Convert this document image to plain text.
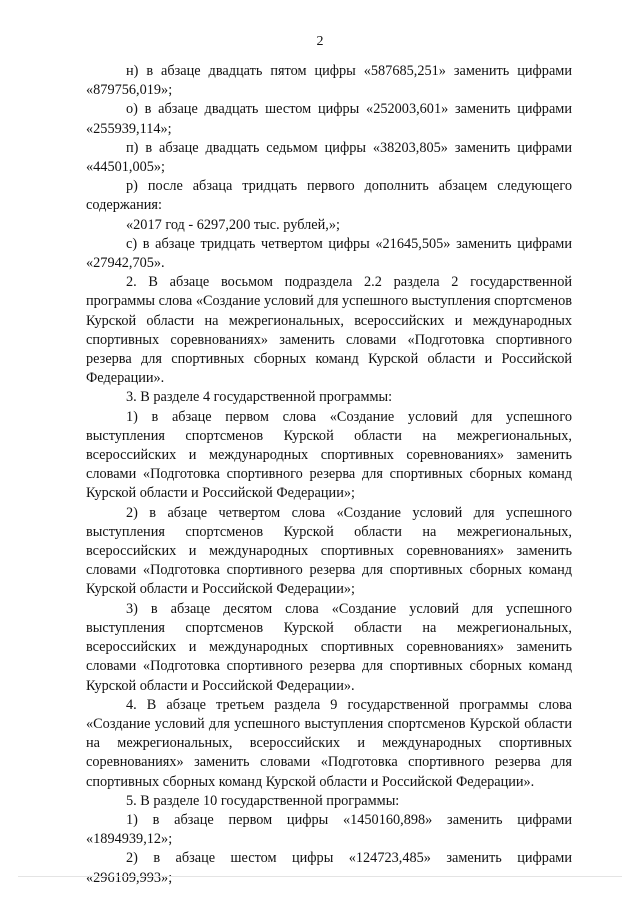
2

н) в абзаце двадцать пятом цифры «587685,251» заменить цифрами «879756,019»;

о) в абзаце двадцать шестом цифры «252003,601» заменить цифрами «255939,114»;

п) в абзаце двадцать седьмом цифры «38203,805» заменить цифрами «44501,005»;

р) после абзаца тридцать первого дополнить абзацем следующего содержания:

«2017 год - 6297,200 тыс. рублей,»;

с) в абзаце тридцать четвертом цифры «21645,505» заменить цифрами «27942,705».

2. В абзаце восьмом подраздела 2.2 раздела 2 государственной программы слова «Создание условий для успешного выступления спортсменов Курской области на межрегиональных, всероссийских и международных спортивных соревнованиях» заменить словами «Подготовка спортивного резерва для спортивных сборных команд Курской области и Российской Федерации».

3. В разделе 4 государственной программы:

1) в абзаце первом слова «Создание условий для успешного выступления спортсменов Курской области на межрегиональных, всероссийских и международных спортивных соревнованиях» заменить словами «Подготовка спортивного резерва для спортивных сборных команд Курской области и Российской Федерации»;

2) в абзаце четвертом слова «Создание условий для успешного выступления спортсменов Курской области на межрегиональных, всероссийских и международных спортивных соревнованиях» заменить словами «Подготовка спортивного резерва для спортивных сборных команд Курской области и Российской Федерации»;

3) в абзаце десятом слова «Создание условий для успешного выступления спортсменов Курской области на межрегиональных, всероссийских и международных спортивных соревнованиях» заменить словами «Подготовка спортивного резерва для спортивных сборных команд Курской области и Российской Федерации».

4. В абзаце третьем раздела 9 государственной программы слова «Создание условий для успешного выступления спортсменов Курской области на межрегиональных, всероссийских и международных спортивных соревнованиях» заменить словами «Подготовка спортивного резерва для спортивных сборных команд Курской области и Российской Федерации».

5. В разделе 10 государственной программы:

1) в абзаце первом цифры «1450160,898» заменить цифрами «1894939,12»;

2) в абзаце шестом цифры «124723,485» заменить цифрами «296109,993»;
